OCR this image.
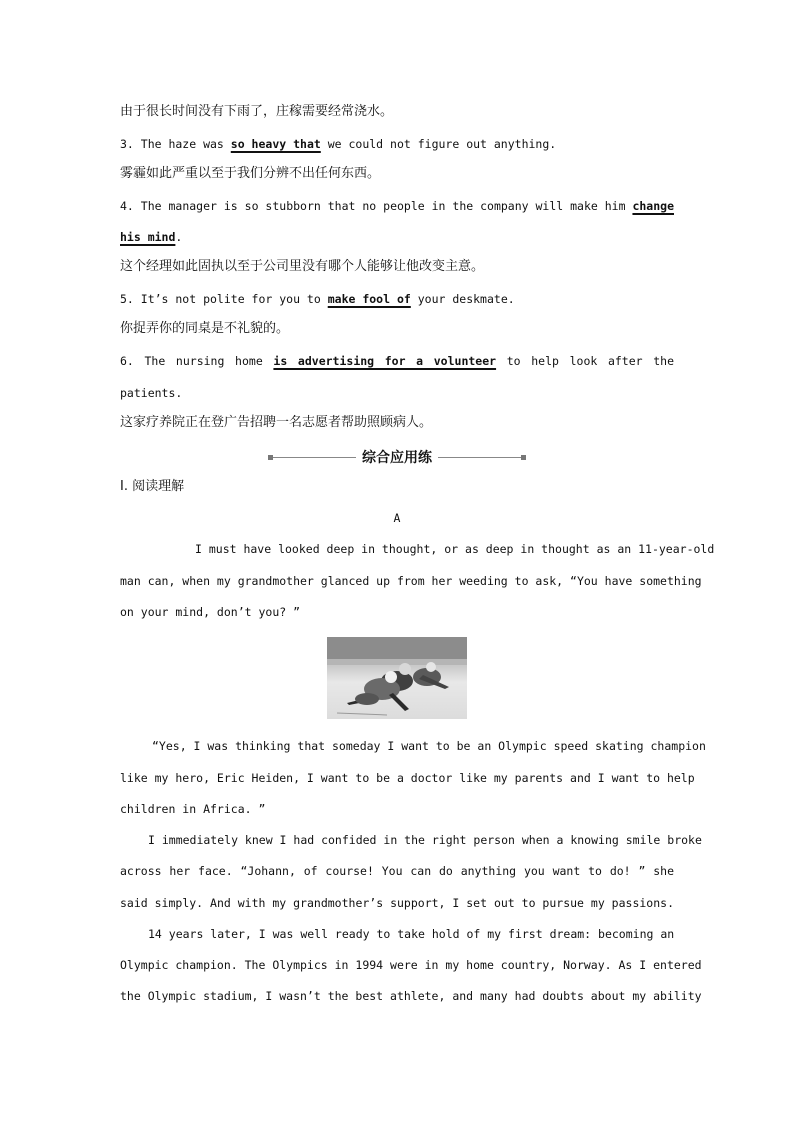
由于很长时间没有下雨了，庄稼需要经常浇水。
3. The haze was so heavy that we could not figure out anything.
雾霾如此严重以至于我们分辨不出任何东西。
4. The manager is so stubborn that no people in the company will make him change
his mind.
这个经理如此固执以至于公司里没有哪个人能够让他改变主意。
5. It’s not polite for you to make fool of your deskmate.
你捉弄你的同桌是不礼貌的。
6. The nursing home is advertising for a volunteer to help look after the
patients.
这家疗养院正在登广告招聘一名志愿者帮助照顾病人。
综合应用练
Ⅰ. 阅读理解
A
I must have looked deep in thought, or as deep in thought as an 11-year-old
man can, when my grandmother glanced up from her weeding to ask, “You have something
on your mind, don’t you? ”
“Yes, I was thinking that someday I want to be an Olympic speed skating champion
like my hero, Eric Heiden, I want to be a doctor like my parents and I want to help
children in Africa. ”
I immediately knew I had confided in the right person when a knowing smile broke
across her face. “Johann, of course! You can do anything you want to do! ” she
said simply. And with my grandmother’s support, I set out to pursue my passions.
14 years later, I was well ready to take hold of my first dream: becoming an
Olympic champion. The Olympics in 1994 were in my home country, Norway. As I entered
the Olympic stadium, I wasn’t the best athlete, and many had doubts about my ability
